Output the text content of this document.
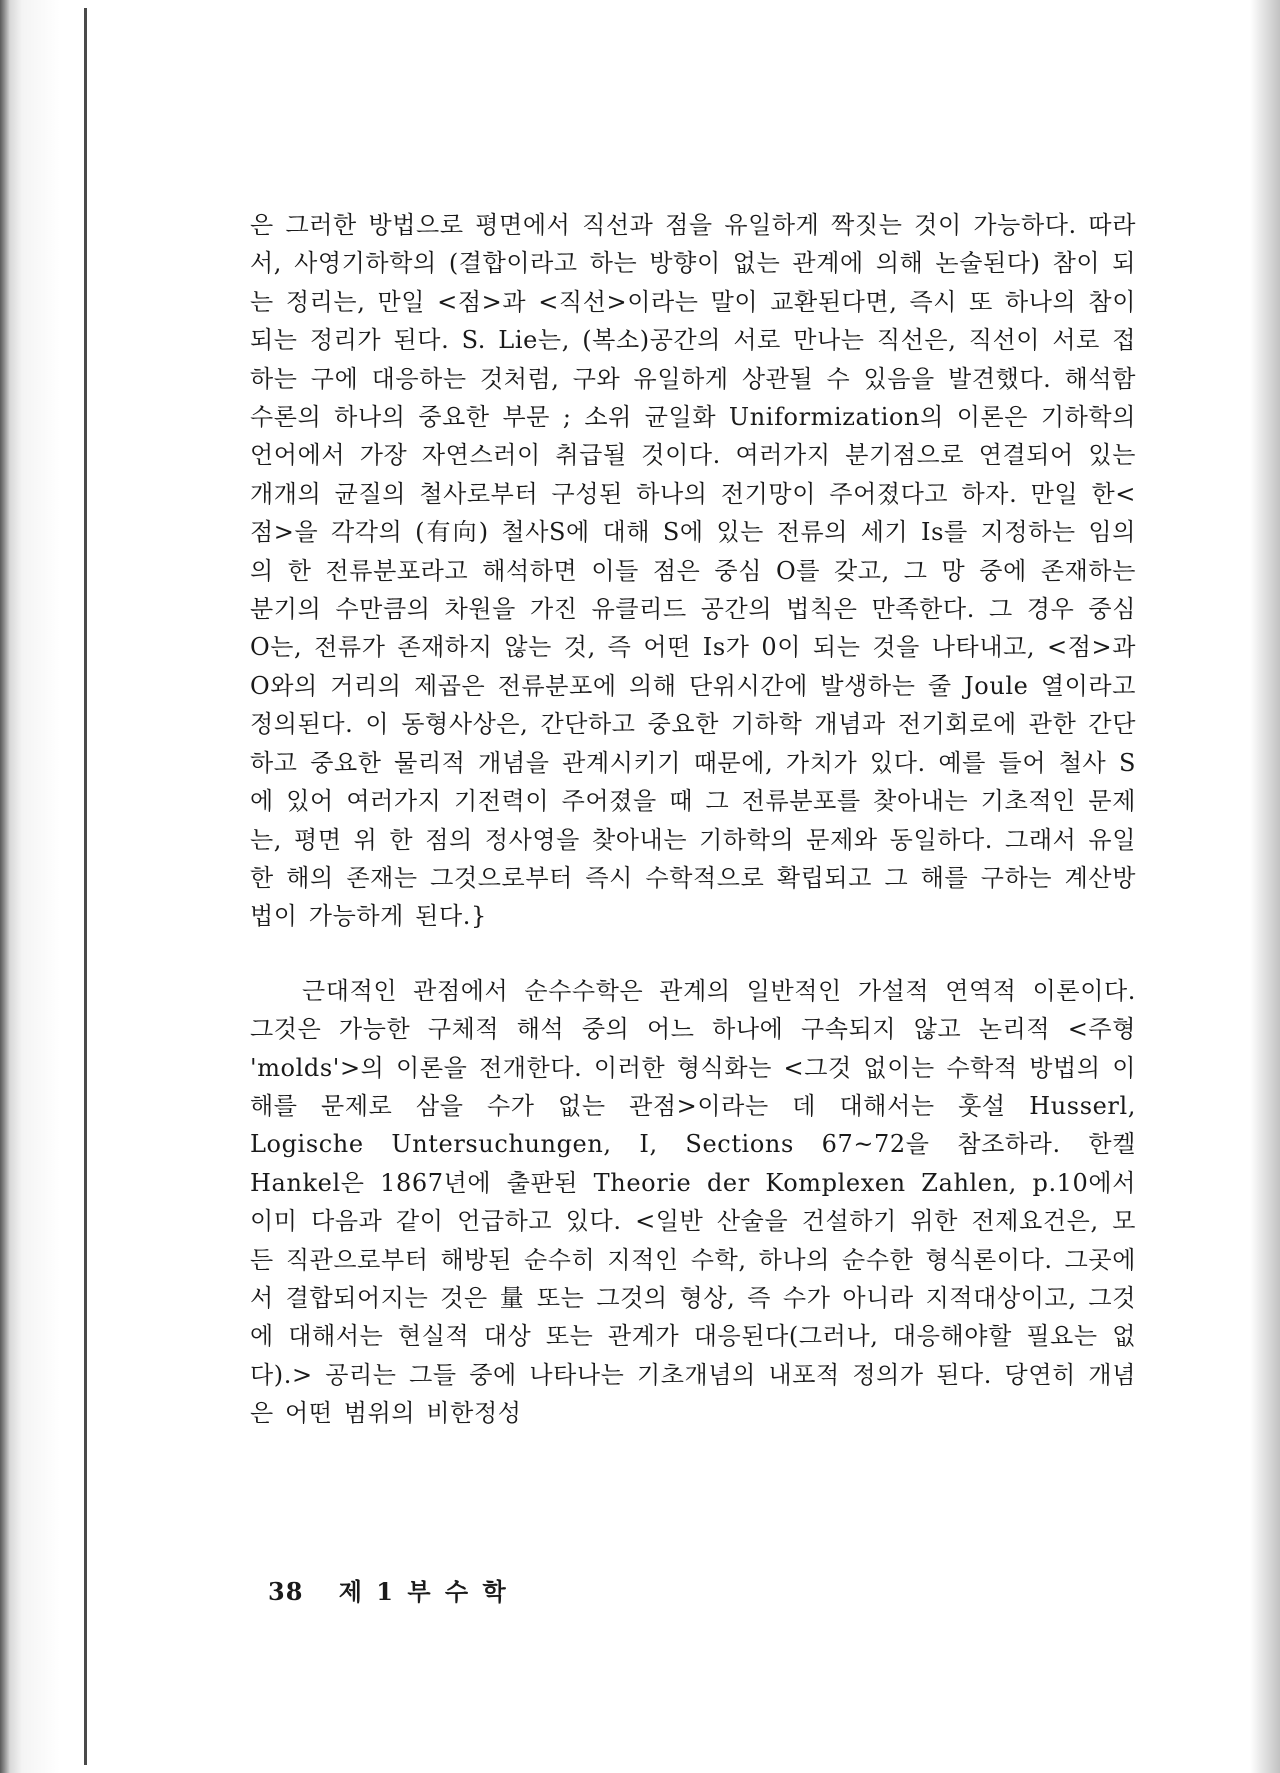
은 그러한 방법으로 평면에서 직선과 점을 유일하게 짝짓는 것이 가능하다. 따라서, 사영기하학의 (결합이라고 하는 방향이 없는 관계에 의해 논술된다) 참이 되는 정리는, 만일 <점>과 <직선>이라는 말이 교환된다면, 즉시 또 하나의 참이 되는 정리가 된다. S. Lie는, (복소)공간의 서로 만나는 직선은, 직선이 서로 접하는 구에 대응하는 것처럼, 구와 유일하게 상관될 수 있음을 발견했다. 해석함수론의 하나의 중요한 부문 ; 소위 균일화 Uniformization의 이론은 기하학의 언어에서 가장 자연스러이 취급될 것이다. 여러가지 분기점으로 연결되어 있는 개개의 균질의 철사로부터 구성된 하나의 전기망이 주어졌다고 하자. 만일 한<점>을 각각의 (有向) 철사S에 대해 S에 있는 전류의 세기 Is를 지정하는 임의의 한 전류분포라고 해석하면 이들 점은 중심 O를 갖고, 그 망 중에 존재하는 분기의 수만큼의 차원을 가진 유클리드 공간의 법칙은 만족한다. 그 경우 중심 O는, 전류가 존재하지 않는 것, 즉 어떤 Is가 0이 되는 것을 나타내고, <점>과 O와의 거리의 제곱은 전류분포에 의해 단위시간에 발생하는 줄 Joule 열이라고 정의된다. 이 동형사상은, 간단하고 중요한 기하학 개념과 전기회로에 관한 간단하고 중요한 물리적 개념을 관계시키기 때문에, 가치가 있다. 예를 들어 철사 S에 있어 여러가지 기전력이 주어졌을 때 그 전류분포를 찾아내는 기초적인 문제는, 평면 위 한 점의 정사영을 찾아내는 기하학의 문제와 동일하다. 그래서 유일한 해의 존재는 그것으로부터 즉시 수학적으로 확립되고 그 해를 구하는 계산방법이 가능하게 된다.}

근대적인 관점에서 순수수학은 관계의 일반적인 가설적 연역적 이론이다. 그것은 가능한 구체적 해석 중의 어느 하나에 구속되지 않고 논리적 <주형 'molds'>의 이론을 전개한다. 이러한 형식화는 <그것 없이는 수학적 방법의 이해를 문제로 삼을 수가 없는 관점>이라는 데 대해서는 훗설 Husserl, Logische Untersuchungen, I, Sections 67~72을 참조하라. 한켈 Hankel은 1867년에 출판된 Theorie der Komplexen Zahlen, p.10에서 이미 다음과 같이 언급하고 있다. <일반 산술을 건설하기 위한 전제요건은, 모든 직관으로부터 해방된 순수히 지적인 수학, 하나의 순수한 형식론이다. 그곳에서 결합되어지는 것은 量 또는 그것의 형상, 즉 수가 아니라 지적대상이고, 그것에 대해서는 현실적 대상 또는 관계가 대응된다(그러나, 대응해야할 필요는 없다).> 공리는 그들 중에 나타나는 기초개념의 내포적 정의가 된다. 당연히 개념은 어떤 범위의 비한정성

38 제 1 부 수 학
